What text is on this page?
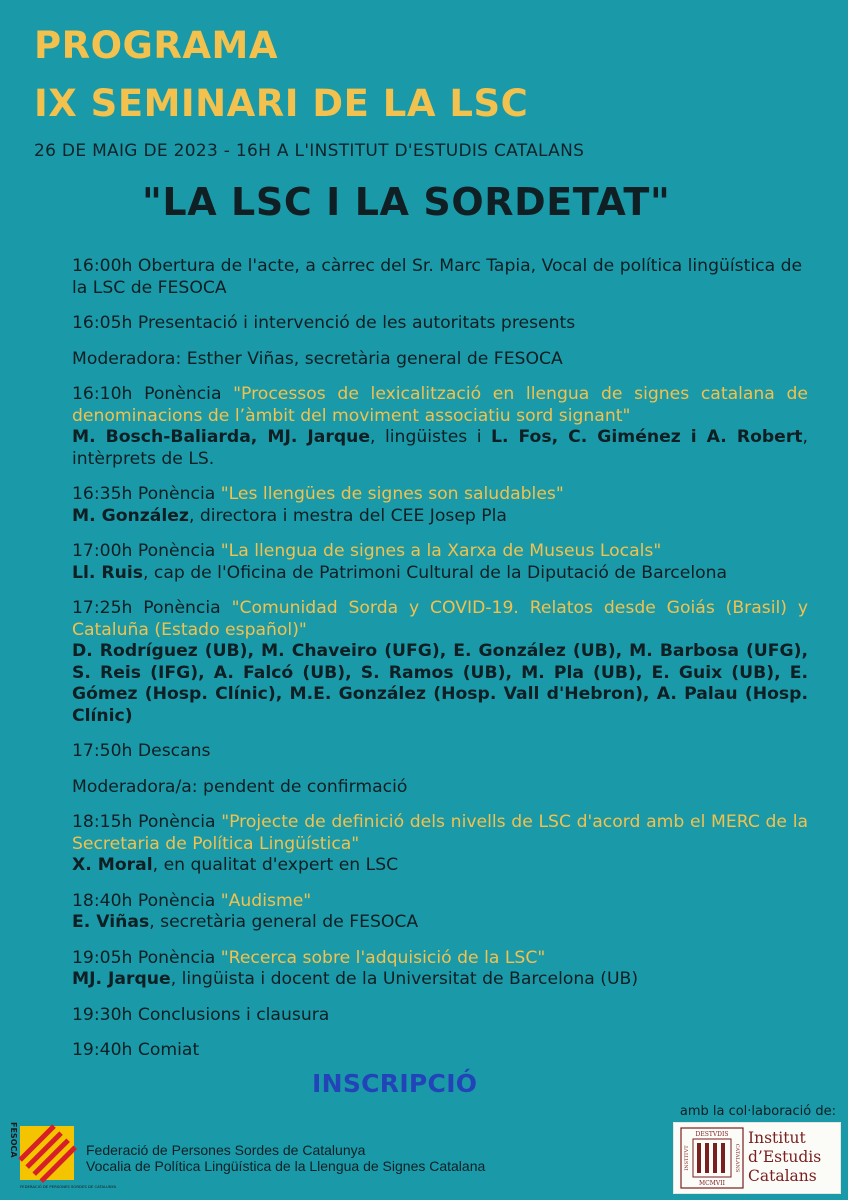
PROGRAMA
IX SEMINARI DE LA LSC
26 DE MAIG DE 2023 - 16H A L'INSTITUT D'ESTUDIS CATALANS
"LA LSC I LA SORDETAT"
16:00h Obertura de l'acte, a càrrec del Sr. Marc Tapia, Vocal de política lingüística de la LSC de FESOCA
16:05h Presentació i intervenció de les autoritats presents
Moderadora: Esther Viñas, secretària general de FESOCA
16:10h Ponència "Processos de lexicalització en llengua de signes catalana de denominacions de l’àmbit del moviment associatiu sord signant"
M. Bosch-Baliarda, MJ. Jarque, lingüistes i L. Fos, C. Giménez i A. Robert, intèrprets de LS.
16:35h Ponència "Les llengües de signes son saludables"
M. González, directora i mestra del CEE Josep Pla
17:00h Ponència "La llengua de signes a la Xarxa de Museus Locals"
Ll. Ruis, cap de l'Oficina de Patrimoni Cultural de la Diputació de Barcelona
17:25h Ponència "Comunidad Sorda y COVID-19. Relatos desde Goiás (Brasil) y Cataluña (Estado español)"
D. Rodríguez (UB), M. Chaveiro (UFG), E. González (UB), M. Barbosa (UFG), S. Reis (IFG), A. Falcó (UB), S. Ramos (UB), M. Pla (UB), E. Guix (UB), E. Gómez (Hosp. Clínic), M.E. González (Hosp. Vall d'Hebron), A. Palau (Hosp. Clínic)
17:50h Descans
Moderadora/a: pendent de confirmació
18:15h Ponència "Projecte de definició dels nivells de LSC d'acord amb el MERC de la Secretaria de Política Lingüística"
X. Moral, en qualitat d'expert en LSC
18:40h Ponència "Audisme"
E. Viñas, secretària general de FESOCA
19:05h Ponència "Recerca sobre l'adquisició de la LSC"
MJ. Jarque, lingüista i docent de la Universitat de Barcelona (UB)
19:30h Conclusions i clausura
19:40h Comiat
INSCRIPCIÓ
amb la col·laboració de:
FESOCA
FEDERACIÓ DE PERSONES SORDES DE CATALUNYA
Federació de Persones Sordes de Catalunya
Vocalia de Política Lingüística de la Llengua de Signes Catalana
DESTVDIS
MCMVII
INSTITVT	CATALANS
Institut
d’Estudis
Catalans
